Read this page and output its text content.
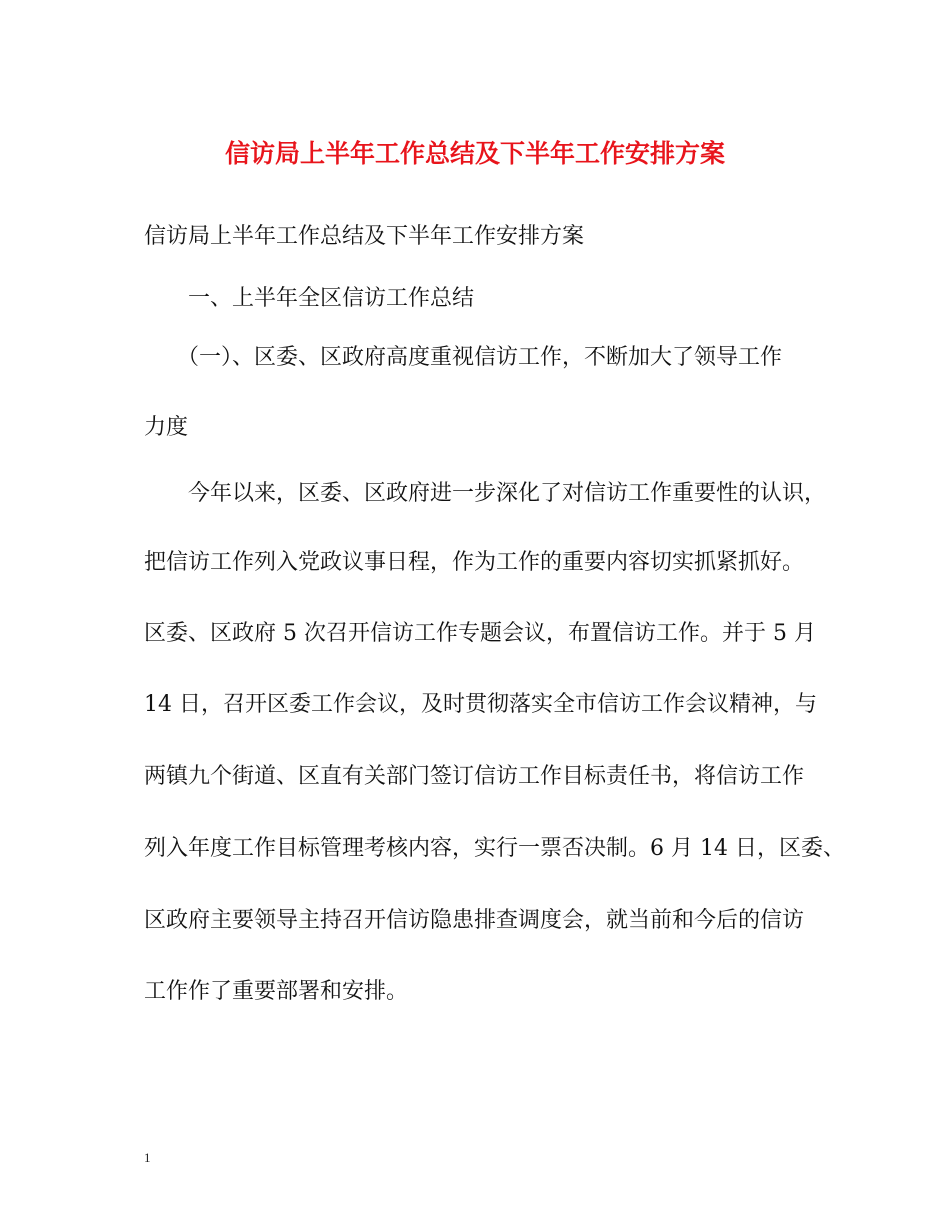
信访局上半年工作总结及下半年工作安排方案
信访局上半年工作总结及下半年工作安排方案
　　一、上半年全区信访工作总结
　　（一）、区委、区政府高度重视信访工作，不断加大了领导工作
力度
　　今年以来，区委、区政府进一步深化了对信访工作重要性的认识，
把信访工作列入党政议事日程，作为工作的重要内容切实抓紧抓好。
区委、区政府 5 次召开信访工作专题会议，布置信访工作。并于 5 月
14 日，召开区委工作会议，及时贯彻落实全市信访工作会议精神，与
两镇九个街道、区直有关部门签订信访工作目标责任书，将信访工作
列入年度工作目标管理考核内容，实行一票否决制。6 月 14 日，区委、
区政府主要领导主持召开信访隐患排查调度会，就当前和今后的信访
工作作了重要部署和安排。
1
